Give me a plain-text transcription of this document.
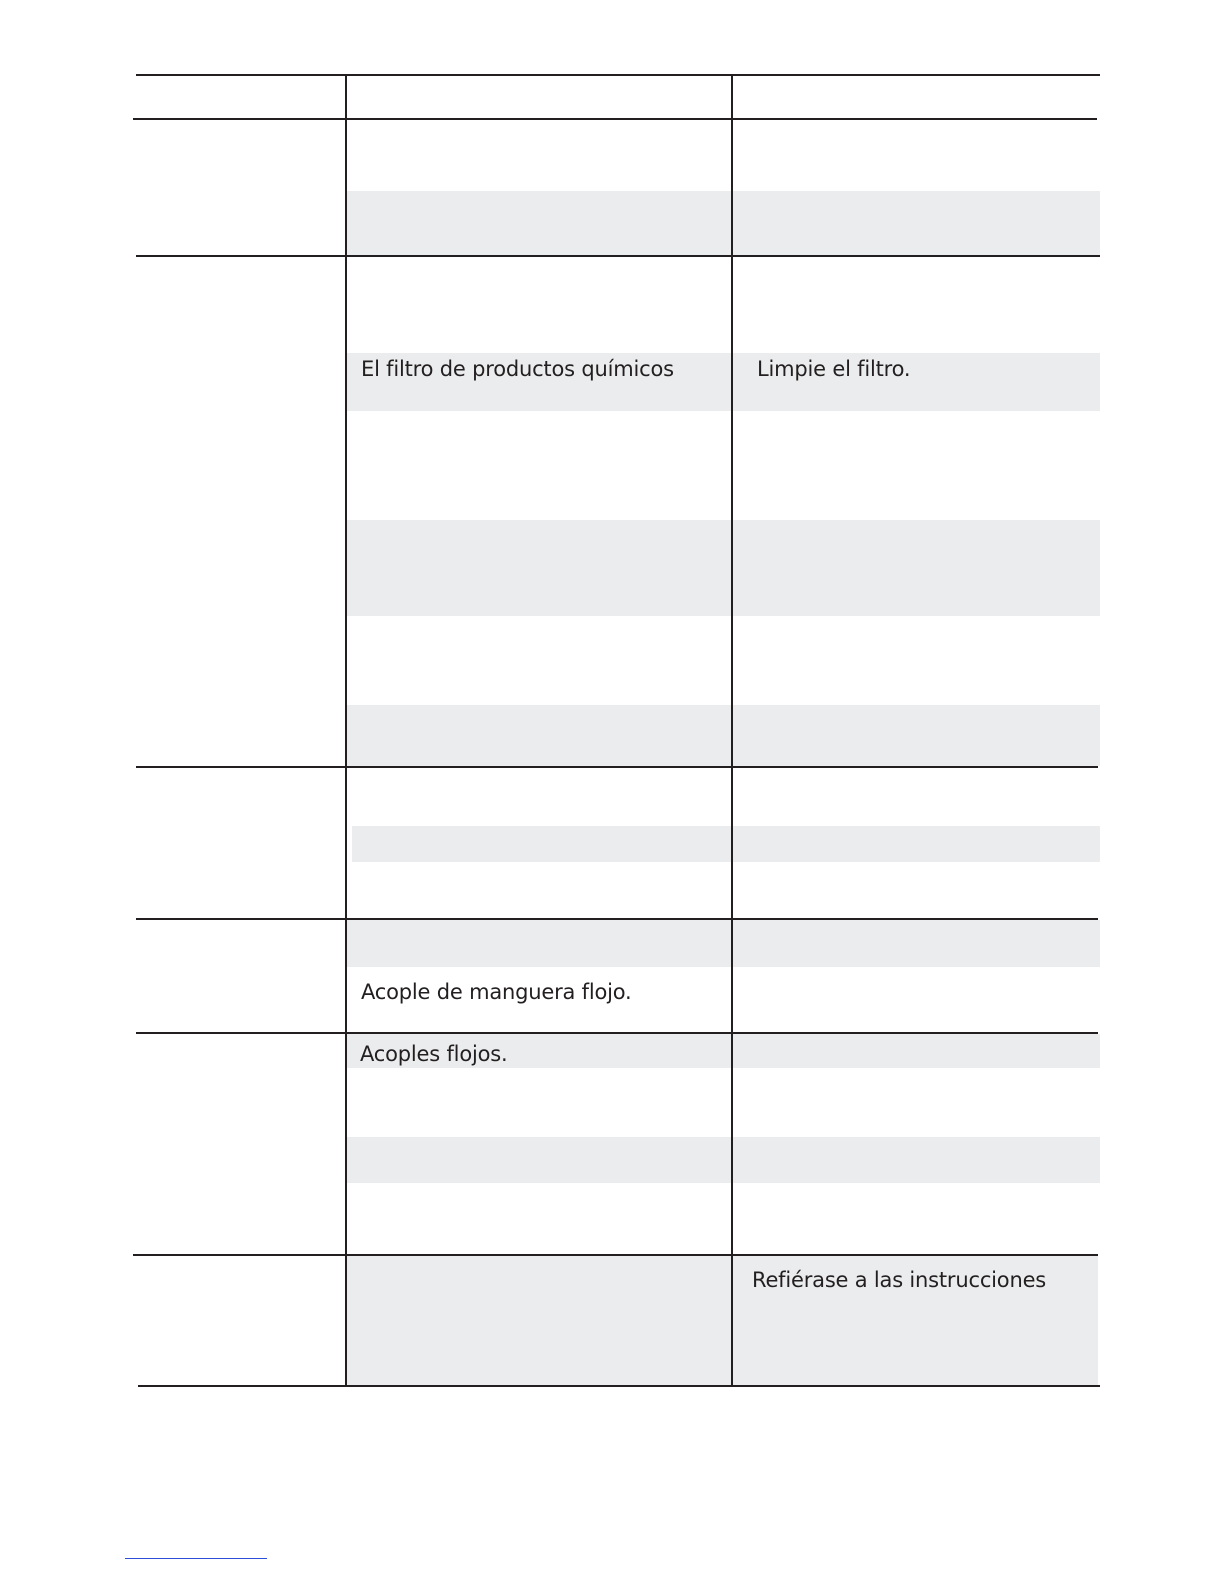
El filtro de productos químicos	Limpie el filtro.
Acople de manguera flojo.
Acoples flojos.
Refiérase a las instrucciones
